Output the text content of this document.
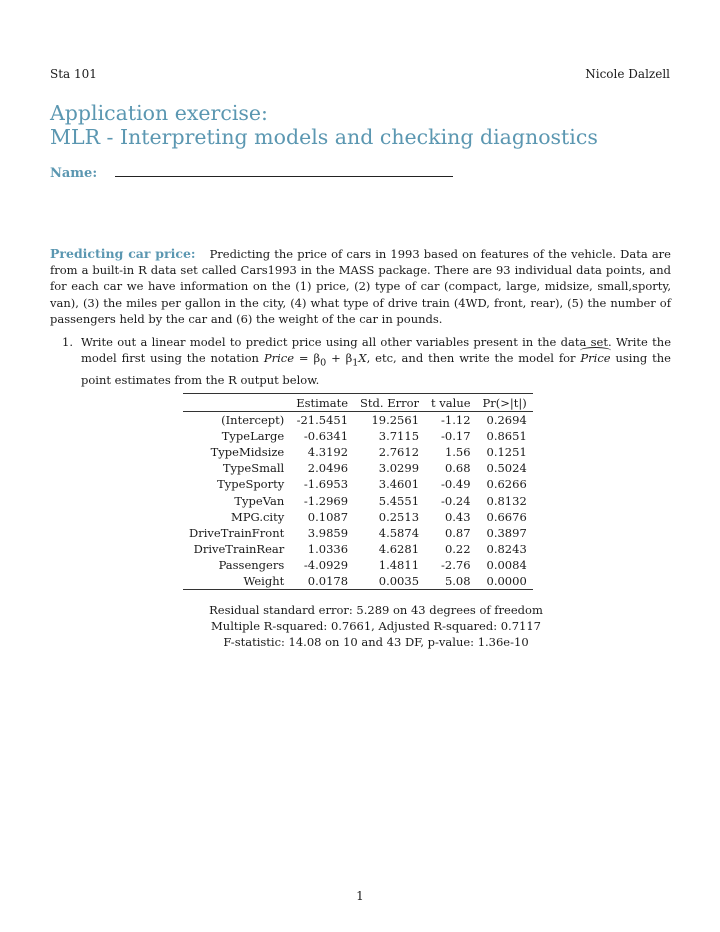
Sta 101	Nicole Dalzell
Application exercise:
MLR - Interpreting models and checking diagnostics
Name:
Predicting car price: Predicting the price of cars in 1993 based on features of the vehicle. Data are from a built-in R data set called Cars1993 in the MASS package. There are 93 individual data points, and for each car we have information on the (1) price, (2) type of car (compact, large, midsize, small,sporty, van), (3) the miles per gallon in the city, (4) what type of drive train (4WD, front, rear), (5) the number of passengers held by the car and (6) the weight of the car in pounds.
1. Write out a linear model to predict price using all other variables present in the data set. Write the model first using the notation Price = $\beta_0 + \beta_1X$, etc, and then write the model for Price using the point estimates from the R output below.
	Estimate	Std. Error	t value	Pr(>|t|)
(Intercept)	-21.5451	19.2561	-1.12	0.2694
TypeLarge	-0.6341	3.7115	-0.17	0.8651
TypeMidsize	4.3192	2.7612	1.56	0.1251
TypeSmall	2.0496	3.0299	0.68	0.5024
TypeSporty	-1.6953	3.4601	-0.49	0.6266
TypeVan	-1.2969	5.4551	-0.24	0.8132
MPG.city	0.1087	0.2513	0.43	0.6676
DriveTrainFront	3.9859	4.5874	0.87	0.3897
DriveTrainRear	1.0336	4.6281	0.22	0.8243
Passengers	-4.0929	1.4811	-2.76	0.0084
Weight	0.0178	0.0035	5.08	0.0000
Residual standard error: 5.289 on 43 degrees of freedom
Multiple R-squared: 0.7661, Adjusted R-squared: 0.7117
F-statistic: 14.08 on 10 and 43 DF, p-value: 1.36e-10
1
